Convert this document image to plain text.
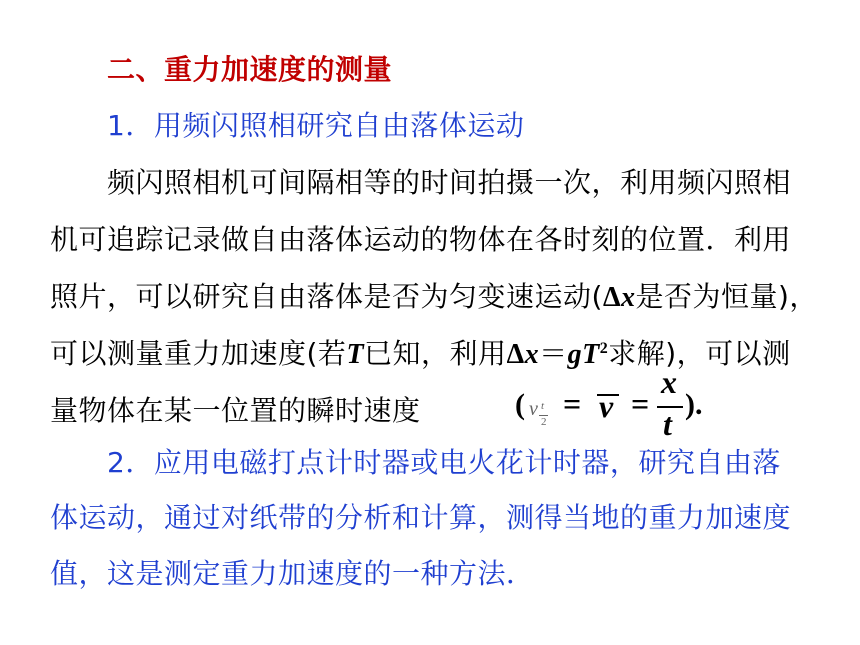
二、重力加速度的测量
1．用频闪照相研究自由落体运动
频闪照相机可间隔相等的时间拍摄一次，利用频闪照相
机可追踪记录做自由落体运动的物体在各时刻的位置．利用
照片，可以研究自由落体是否为匀变速运动(Δx是否为恒量)，
可以测量重力加速度(若T已知，利用$\Delta x=gT^2$求解)，可以测
量物体在某一位置的瞬时速度	( v t
2 = v =
x
t
).
2．应用电磁打点计时器或电火花计时器，研究自由落
体运动，通过对纸带的分析和计算，测得当地的重力加速度
值，这是测定重力加速度的一种方法．
